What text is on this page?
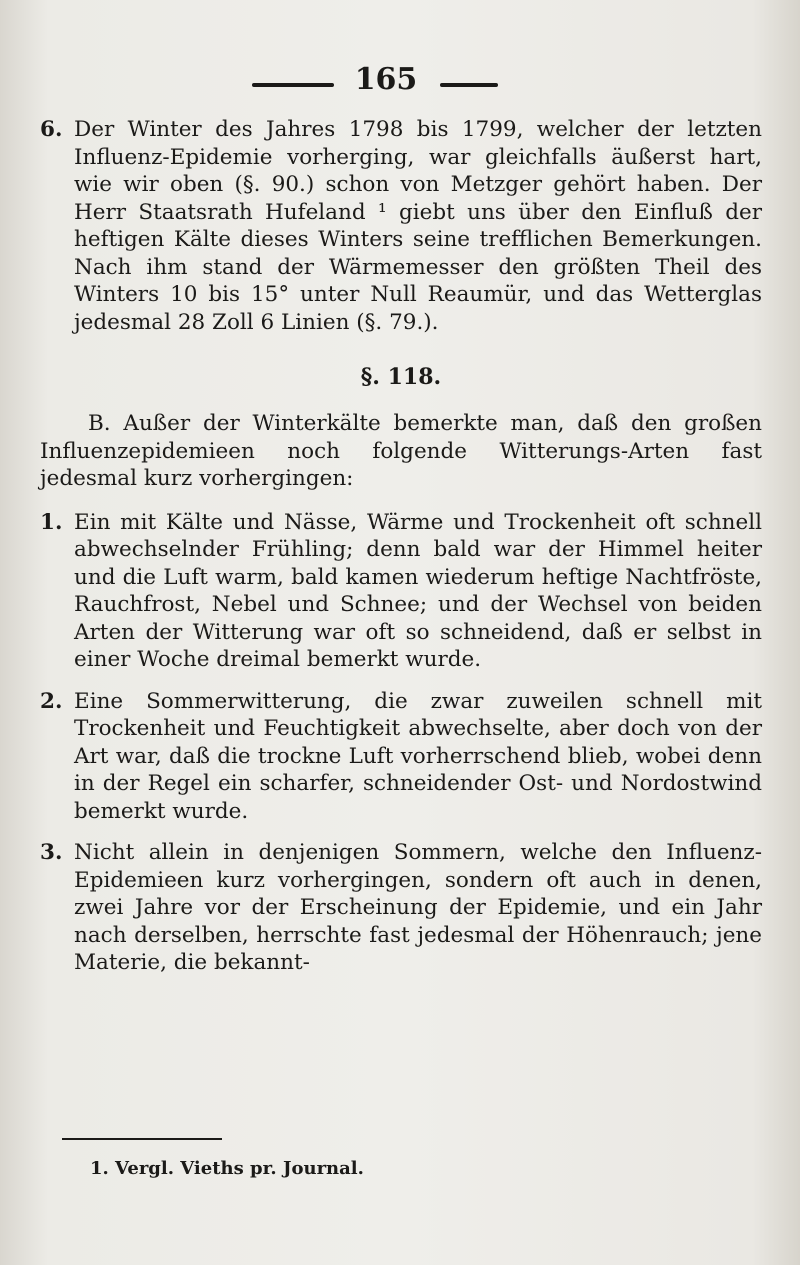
165
6. Der Winter des Jahres 1798 bis 1799, welcher der letzten Influenz-Epidemie vorherging, war gleichfalls äußerst hart, wie wir oben (§. 90.) schon von Metzger gehört haben. Der Herr Staatsrath Hufeland ¹ giebt uns über den Einfluß der heftigen Kälte dieses Winters seine trefflichen Bemerkungen. Nach ihm stand der Wärmemesser den größten Theil des Winters 10 bis 15° unter Null Reaumür, und das Wetterglas jedesmal 28 Zoll 6 Linien (§. 79.).
§. 118.
B. Außer der Winterkälte bemerkte man, daß den großen Influenzepidemieen noch folgende Witterungs-Arten fast jedesmal kurz vorhergingen:
1. Ein mit Kälte und Nässe, Wärme und Trockenheit oft schnell abwechselnder Frühling; denn bald war der Himmel heiter und die Luft warm, bald kamen wiederum heftige Nachtfröste, Rauchfrost, Nebel und Schnee; und der Wechsel von beiden Arten der Witterung war oft so schneidend, daß er selbst in einer Woche dreimal bemerkt wurde.
2. Eine Sommerwitterung, die zwar zuweilen schnell mit Trockenheit und Feuchtigkeit abwechselte, aber doch von der Art war, daß die trockne Luft vorherrschend blieb, wobei denn in der Regel ein scharfer, schneidender Ost- und Nordostwind bemerkt wurde.
3. Nicht allein in denjenigen Sommern, welche den Influenz-Epidemieen kurz vorhergingen, sondern oft auch in denen, zwei Jahre vor der Erscheinung der Epidemie, und ein Jahr nach derselben, herrschte fast jedesmal der Höhenrauch; jene Materie, die bekannt-
1. Vergl. Vieths pr. Journal.
